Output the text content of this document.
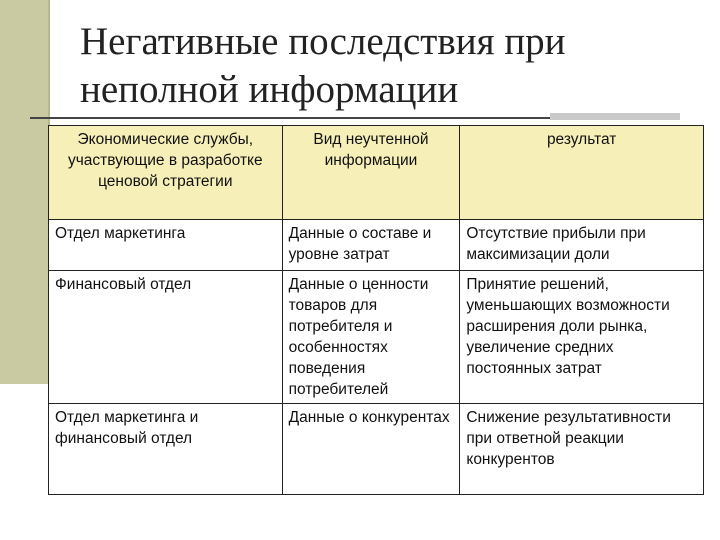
Негативные последствия при
неполной информации
Экономические службы, участвующие в разработке ценовой стратегии	Вид неучтенной информации	результат
Отдел маркетинга	Данные о составе и уровне затрат	Отсутствие прибыли при максимизации доли
Финансовый отдел	Данные о ценности товаров для потребителя и особенностях поведения потребителей	Принятие решений, уменьшающих возможности расширения доли рынка, увеличение средних постоянных затрат
Отдел маркетинга и финансовый отдел	Данные о конкурентах	Снижение результативности при ответной реакции конкурентов
